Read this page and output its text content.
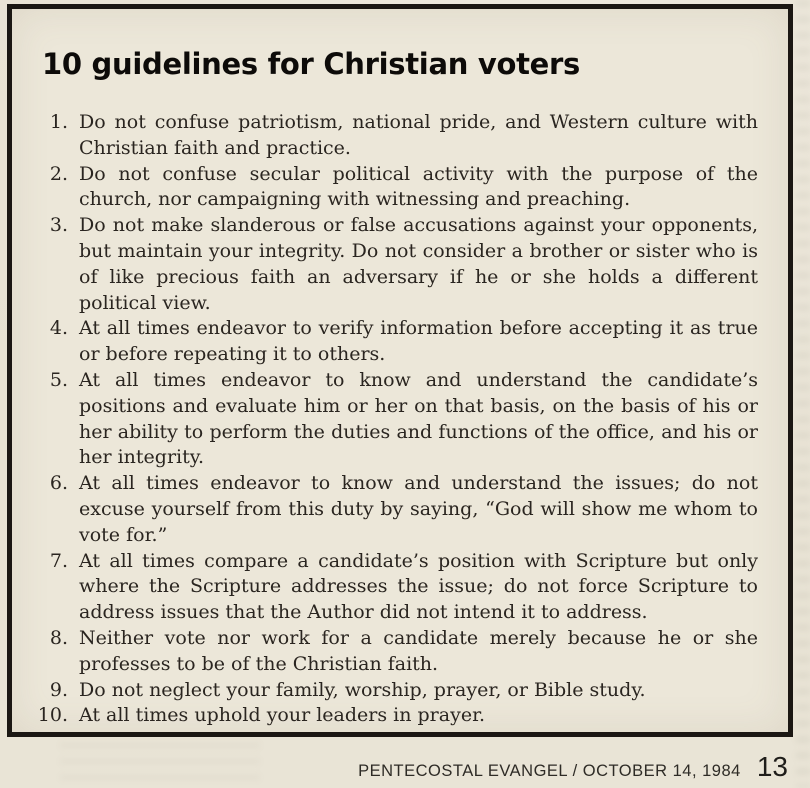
10 guidelines for Christian voters
1. Do not confuse patriotism, national pride, and Western culture with Christian faith and practice.
2. Do not confuse secular political activity with the purpose of the church, nor campaigning with witnessing and preaching.
3. Do not make slanderous or false accusations against your opponents, but maintain your integrity. Do not consider a brother or sister who is of like precious faith an adversary if he or she holds a different political view.
4. At all times endeavor to verify information before accepting it as true or before repeating it to others.
5. At all times endeavor to know and understand the candidate’s positions and evaluate him or her on that basis, on the basis of his or her ability to perform the duties and functions of the office, and his or her integrity.
6. At all times endeavor to know and understand the issues; do not excuse yourself from this duty by saying, “God will show me whom to vote for.”
7. At all times compare a candidate’s position with Scripture but only where the Scripture addresses the issue; do not force Scripture to address issues that the Author did not intend it to address.
8. Neither vote nor work for a candidate merely because he or she professes to be of the Christian faith.
9. Do not neglect your family, worship, prayer, or Bible study.
10. At all times uphold your leaders in prayer.
PENTECOSTAL EVANGEL / OCTOBER 14, 1984 13
